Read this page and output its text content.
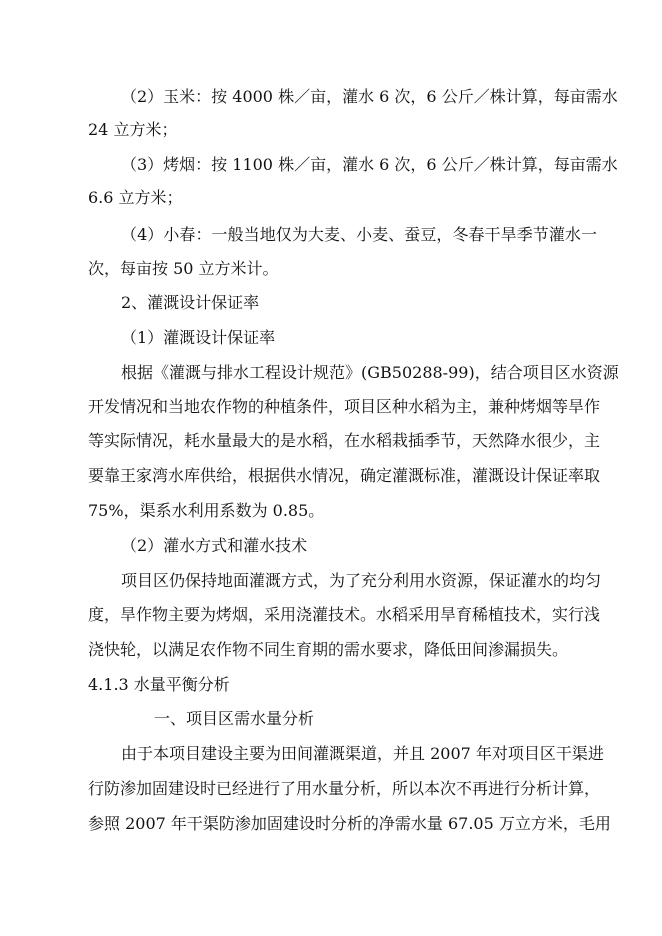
（2）玉米：按 4000 株／亩，灌水 6 次，6 公斤／株计算，每亩需水
24 立方米；
（3）烤烟：按 1100 株／亩，灌水 6 次，6 公斤／株计算，每亩需水
6.6 立方米；
（4）小春：一般当地仅为大麦、小麦、蚕豆，冬春干旱季节灌水一
次，每亩按 50 立方米计。
2、灌溉设计保证率
（1）灌溉设计保证率
根据《灌溉与排水工程设计规范》(GB50288-99)，结合项目区水资源
开发情况和当地农作物的种植条件，项目区种水稻为主，兼种烤烟等旱作
等实际情况，耗水量最大的是水稻，在水稻栽插季节，天然降水很少，主
要靠王家湾水库供给，根据供水情况，确定灌溉标准，灌溉设计保证率取
75%，渠系水利用系数为 0.85。
（2）灌水方式和灌水技术
项目区仍保持地面灌溉方式，为了充分利用水资源，保证灌水的均匀
度，旱作物主要为烤烟，采用浇灌技术。水稻采用旱育稀植技术，实行浅
浇快轮，以满足农作物不同生育期的需水要求，降低田间渗漏损失。
4.1.3 水量平衡分析
一、项目区需水量分析
由于本项目建设主要为田间灌溉渠道，并且 2007 年对项目区干渠进
行防渗加固建设时已经进行了用水量分析，所以本次不再进行分析计算，
参照 2007 年干渠防渗加固建设时分析的净需水量 67.05 万立方米，毛用
